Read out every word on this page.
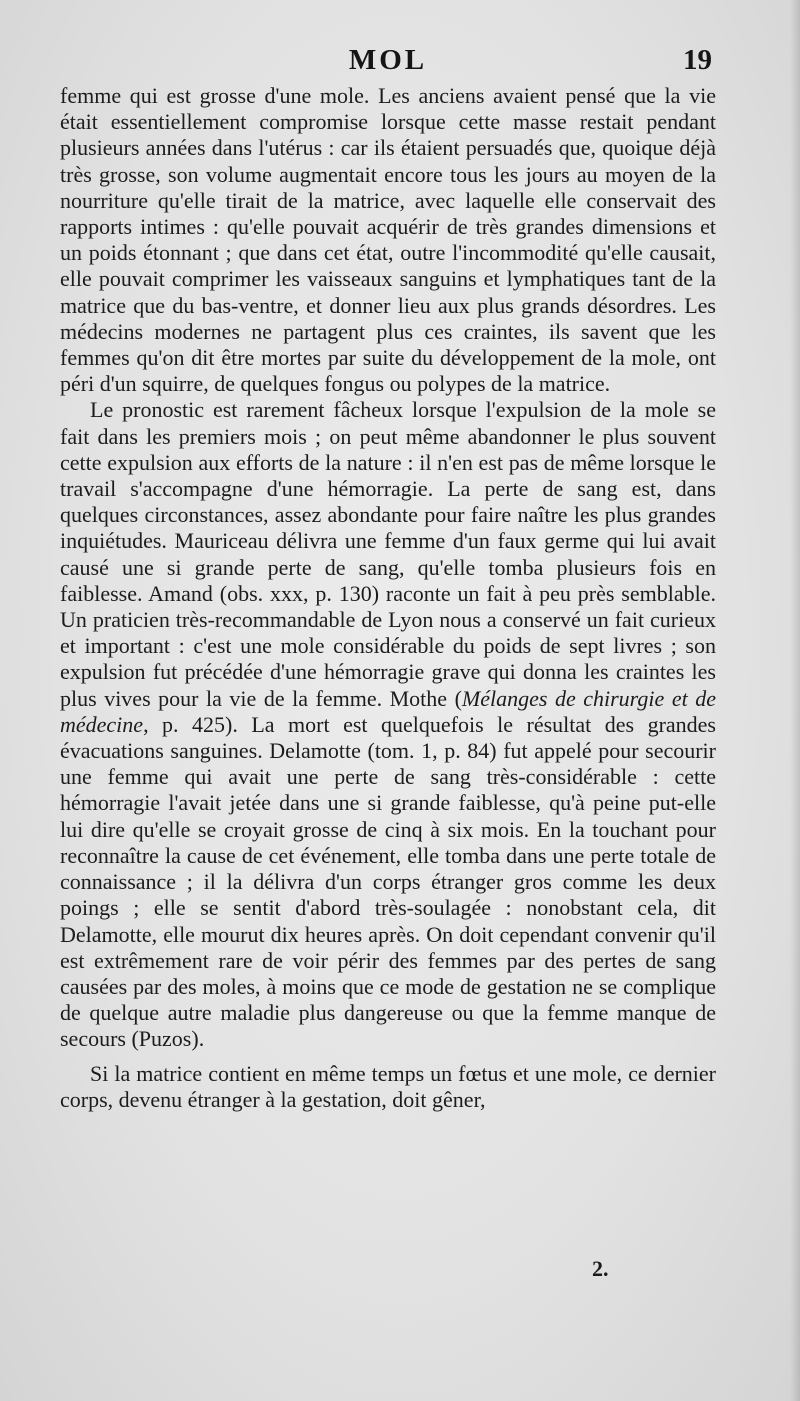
MOL	19

femme qui est grosse d'une mole. Les anciens avaient pensé que la vie était essentiellement compromise lorsque cette masse restait pendant plusieurs années dans l'utérus : car ils étaient persuadés que, quoique déjà très grosse, son volume augmentait encore tous les jours au moyen de la nourriture qu'elle tirait de la matrice, avec laquelle elle conservait des rapports intimes : qu'elle pouvait acquérir de très grandes dimensions et un poids étonnant ; que dans cet état, outre l'incommodité qu'elle causait, elle pouvait comprimer les vaisseaux sanguins et lymphatiques tant de la matrice que du bas-ventre, et donner lieu aux plus grands désordres. Les médecins modernes ne partagent plus ces craintes, ils savent que les femmes qu'on dit être mortes par suite du développement de la mole, ont péri d'un squirre, de quelques fongus ou polypes de la matrice.

Le pronostic est rarement fâcheux lorsque l'expulsion de la mole se fait dans les premiers mois ; on peut même abandonner le plus souvent cette expulsion aux efforts de la nature : il n'en est pas de même lorsque le travail s'accompagne d'une hémorragie. La perte de sang est, dans quelques circonstances, assez abondante pour faire naître les plus grandes inquiétudes. Mauriceau délivra une femme d'un faux germe qui lui avait causé une si grande perte de sang, qu'elle tomba plusieurs fois en faiblesse. Amand (obs. xxx, p. 130) raconte un fait à peu près semblable. Un praticien très-recommandable de Lyon nous a conservé un fait curieux et important : c'est une mole considérable du poids de sept livres ; son expulsion fut précédée d'une hémorragie grave qui donna les craintes les plus vives pour la vie de la femme. Mothe (Mélanges de chirurgie et de médecine, p. 425). La mort est quelquefois le résultat des grandes évacuations sanguines. Delamotte (tom. 1, p. 84) fut appelé pour secourir une femme qui avait une perte de sang très-considérable : cette hémorragie l'avait jetée dans une si grande faiblesse, qu'à peine put-elle lui dire qu'elle se croyait grosse de cinq à six mois. En la touchant pour reconnaître la cause de cet événement, elle tomba dans une perte totale de connaissance ; il la délivra d'un corps étranger gros comme les deux poings ; elle se sentit d'abord très-soulagée : nonobstant cela, dit Delamotte, elle mourut dix heures après. On doit cependant convenir qu'il est extrêmement rare de voir périr des femmes par des pertes de sang causées par des moles, à moins que ce mode de gestation ne se complique de quelque autre maladie plus dangereuse ou que la femme manque de secours (Puzos).

Si la matrice contient en même temps un fœtus et une mole, ce dernier corps, devenu étranger à la gestation, doit gêner,

2.
